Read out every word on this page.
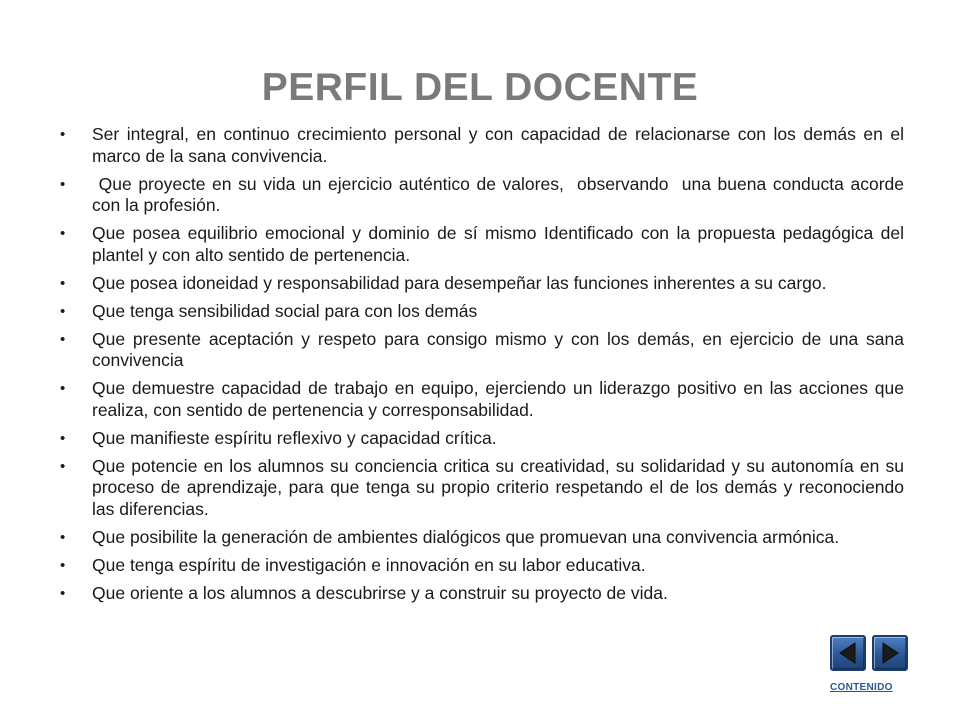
PERFIL DEL DOCENTE
• Ser integral, en continuo crecimiento personal y con capacidad de relacionarse con los demás en el marco de la sana convivencia.
• Que proyecte en su vida un ejercicio auténtico de valores,  observando  una buena conducta acorde con la profesión.
• Que posea equilibrio emocional y dominio de sí mismo Identificado con la propuesta pedagógica del plantel y con alto sentido de pertenencia.
• Que posea idoneidad y responsabilidad para desempeñar las funciones inherentes a su cargo.
• Que tenga sensibilidad social para con los demás
• Que presente aceptación y respeto para consigo mismo y con los demás, en ejercicio de una sana convivencia
• Que demuestre capacidad de trabajo en equipo, ejerciendo un liderazgo positivo en las acciones que realiza, con sentido de pertenencia y corresponsabilidad.
• Que manifieste espíritu reflexivo y capacidad crítica.
• Que potencie en los alumnos su conciencia critica su creatividad, su solidaridad y su autonomía en su proceso de aprendizaje, para que tenga su propio criterio respetando el de los demás y reconociendo las diferencias.
• Que posibilite la generación de ambientes dialógicos que promuevan una convivencia armónica.
• Que tenga espíritu de investigación e innovación en su labor educativa.
• Que oriente a los alumnos a descubrirse y a construir su proyecto de vida.
CONTENIDO
